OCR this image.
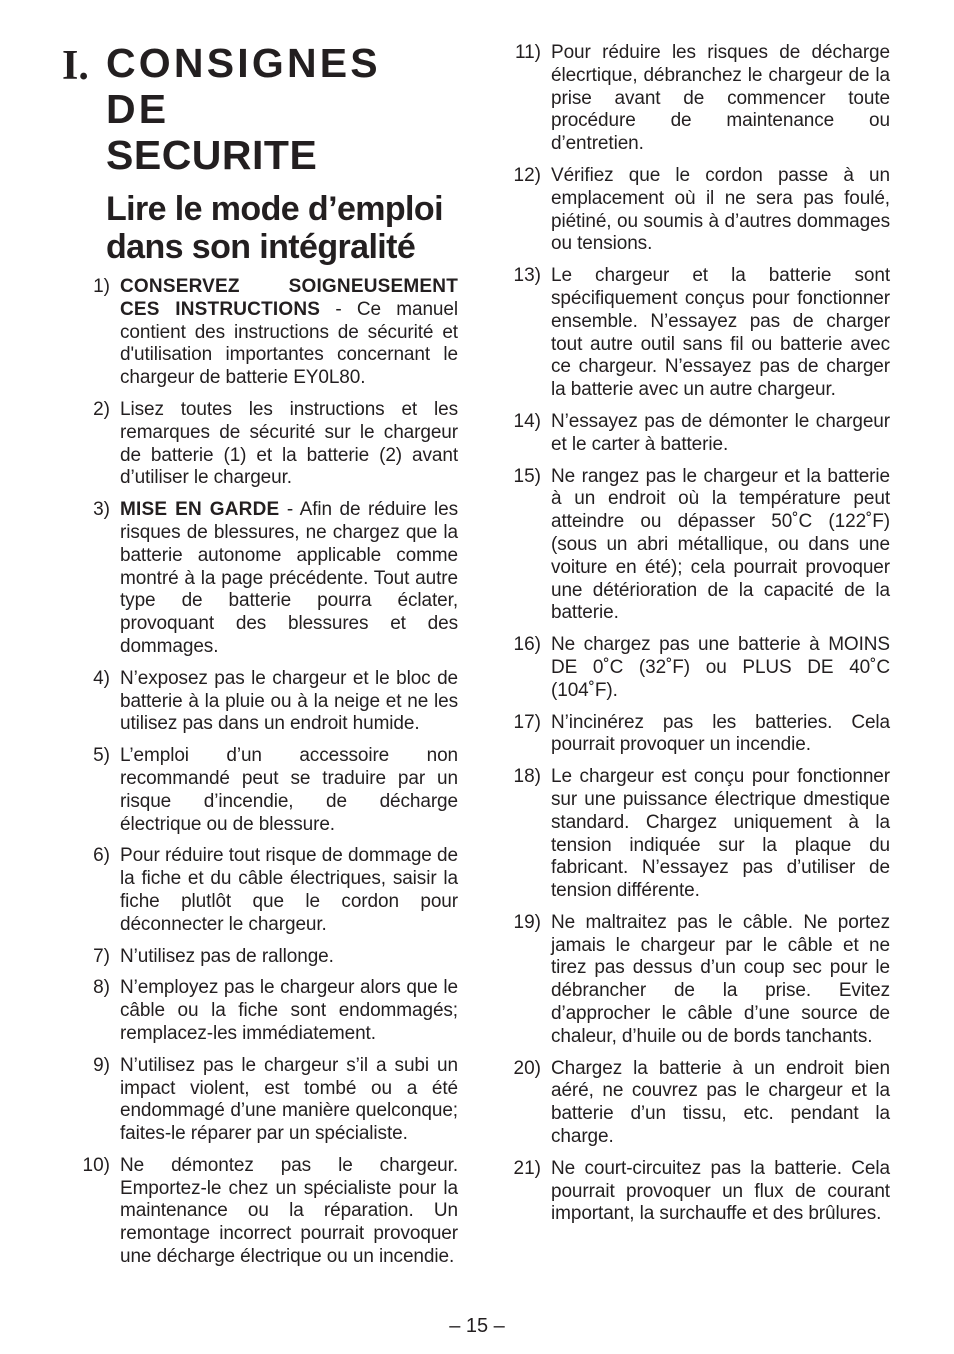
I. CONSIGNES DE
SECURITE
Lire le mode d’emploi
dans son intégralité
1) CONSERVEZ SOIGNEUSEMENT CES INSTRUCTIONS - Ce manuel contient des instructions de sécurité et d'utilisation importantes concernant le chargeur de batterie EY0L80.
2) Lisez toutes les instructions et les remarques de sécurité sur le chargeur de batterie (1) et la batterie (2) avant d’utiliser le chargeur.
3) MISE EN GARDE - Afin de réduire les risques de blessures, ne chargez que la batterie autonome applicable comme montré à la page précédente. Tout autre type de batterie pourra éclater, provoquant des blessures et des dommages.
4) N’exposez pas le chargeur et le bloc de batterie à la pluie ou à la neige et ne les utilisez pas dans un endroit humide.
5) L’emploi d’un accessoire non recommandé peut se traduire par un risque d’incendie, de décharge électrique ou de blessure.
6) Pour réduire tout risque de dommage de la fiche et du câble électriques, saisir la fiche plutlôt que le cordon pour déconnecter le chargeur.
7) N’utilisez pas de rallonge.
8) N’employez pas le chargeur alors que le câble ou la fiche sont endommagés; remplacez-les immédiatement.
9) N’utilisez pas le chargeur s’il a subi un impact violent, est tombé ou a été endommagé d’une manière quelconque; faites-le réparer par un spécialiste.
10) Ne démontez pas le chargeur. Emportez-le chez un spécialiste pour la maintenance ou la réparation. Un remontage incorrect pourrait provoquer une décharge électrique ou un incendie.
11) Pour réduire les risques de décharge élecrtique, débranchez le chargeur de la prise avant de commencer toute procédure de maintenance ou d’entretien.
12) Vérifiez que le cordon passe à un emplacement où il ne sera pas foulé, piétiné, ou soumis à d’autres dommages ou tensions.
13) Le chargeur et la batterie sont spécifiquement conçus pour fonctionner ensemble. N’essayez pas de charger tout autre outil sans fil ou batterie avec ce chargeur. N’essayez pas de charger la batterie avec un autre chargeur.
14) N’essayez pas de démonter le chargeur et le carter à batterie.
15) Ne rangez pas le chargeur et la batterie à un endroit où la température peut atteindre ou dépasser 50˚C (122˚F) (sous un abri métallique, ou dans une voiture en été); cela pourrait provoquer une détérioration de la capacité de la batterie.
16) Ne chargez pas une batterie à MOINS DE 0˚C (32˚F) ou PLUS DE 40˚C (104˚F).
17) N’incinérez pas les batteries. Cela pourrait provoquer un incendie.
18) Le chargeur est conçu pour fonctionner sur une puissance électrique dmestique standard. Chargez uniquement à la tension indiquée sur la plaque du fabricant. N’essayez pas d’utiliser de tension différente.
19) Ne maltraitez pas le câble. Ne portez jamais le chargeur par le câble et ne tirez pas dessus d’un coup sec pour le débrancher de la prise. Evitez d’approcher le câble d’une source de chaleur, d’huile ou de bords tanchants.
20) Chargez la batterie à un endroit bien aéré, ne couvrez pas le chargeur et la batterie d’un tissu, etc. pendant la charge.
21) Ne court-circuitez pas la batterie. Cela pourrait provoquer un flux de courant important, la surchauffe et des brûlures.
– 15 –
